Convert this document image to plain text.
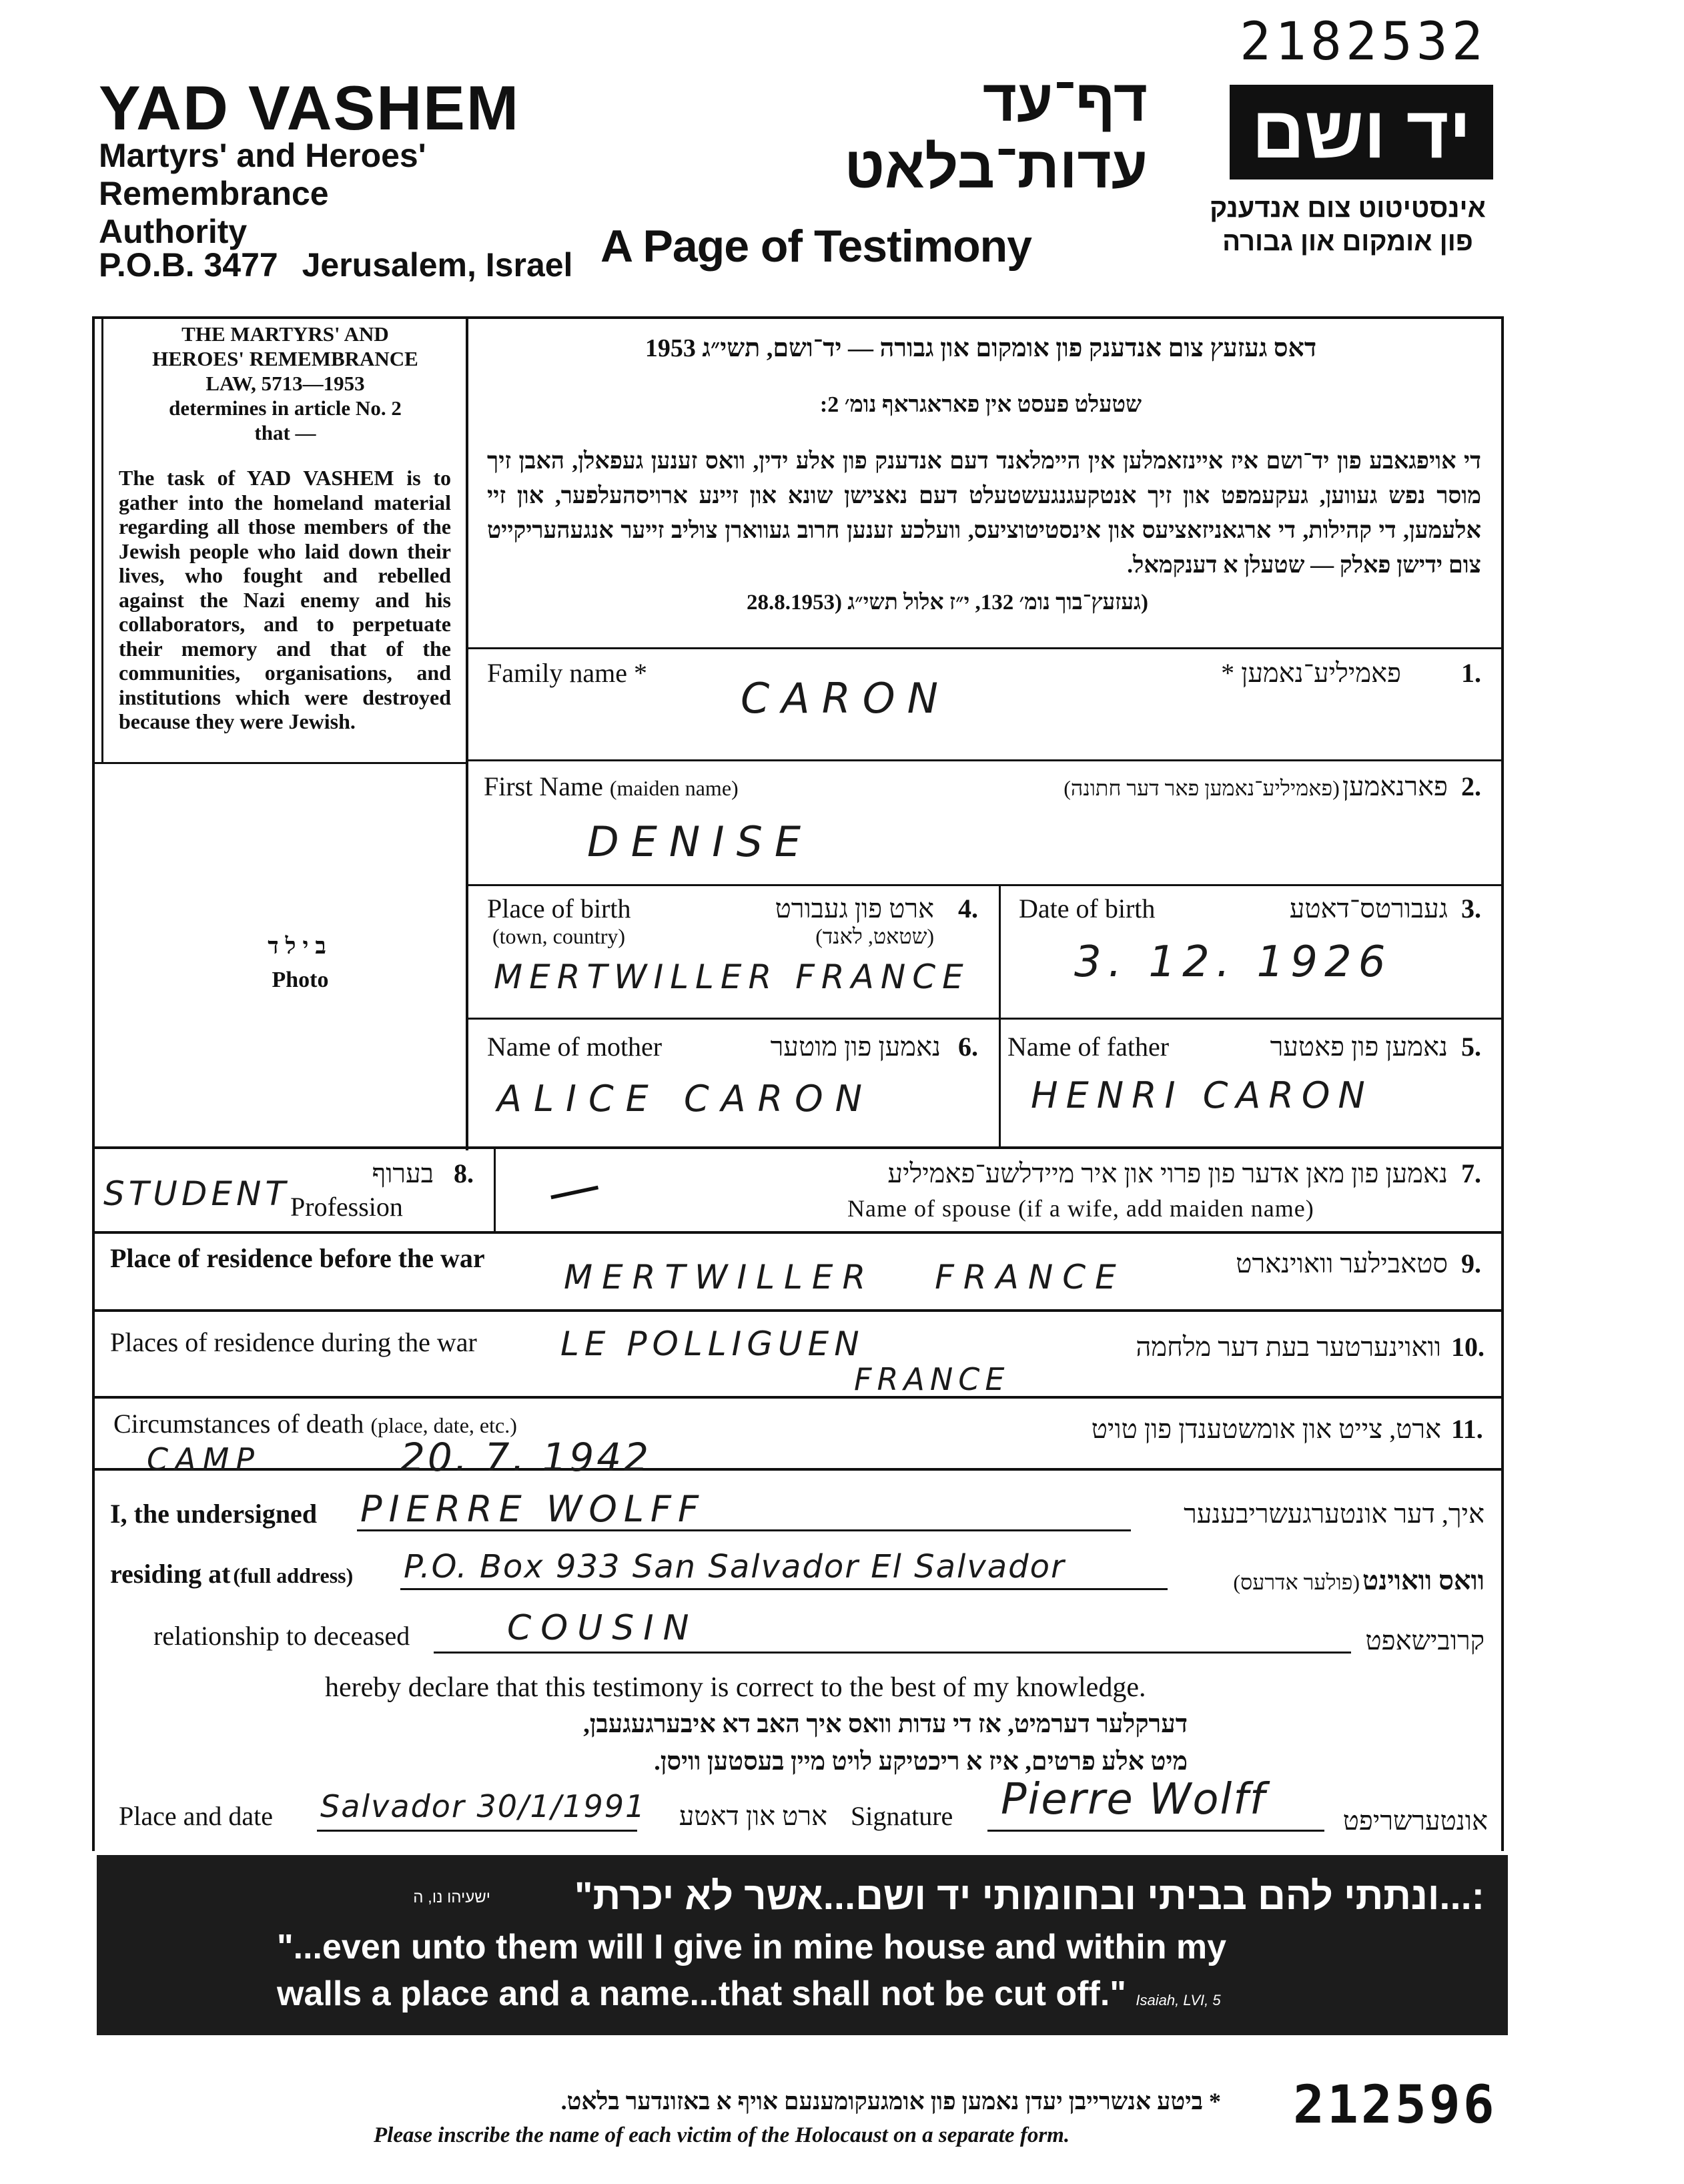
2182532
YAD VASHEM
Martyrs' and Heroes'
Remembrance
Authority
P.O.B. 3477 Jerusalem, Israel
דף־עד
עדות־בלאט
A Page of Testimony
יד ושם
אינסטיטוט צום אנדענק
פון אומקום און גבורה
THE MARTYRS' AND
HEROES' REMEMBRANCE
LAW, 5713—1953
determines in article No. 2
that —
The task of YAD VASHEM is to gather into the homeland material regarding all those members of the Jewish people who laid down their lives, who fought and rebelled against the Nazi enemy and his collaborators, and to perpetuate their memory and that of the communities, organisations, and institutions which were destroyed because they were Jewish.
דאס געזעץ צום אנדענק פון אומקום און גבורה — יד־ושם, תשי״ג 1953
שטעלט פעסט אין פאראגראף נומ׳ 2:
די אויפגאבע פון יד־ושם איז איינזאמלען אין היימלאנד דעם אנדענק פון אלע ידין, וואס זענען געפאלן, האבן זיך מוסר נפש געווען, געקעמפט און זיך אנטקעגנגעשטעלט דעם נאצישן שונא און זיינע ארויסהעלפער, און זיי אלעמען, די קהילות, די ארגאניזאציעס און אינסטיטוציעס, וועלכע זענען חרוב געווארן צוליב זייער אנגעהעריקייט צום ידישן פאלק — שטעלן א דענקמאל.
(געזעץ־בוך נומ׳ 132, י״ז אלול תשי״ג (28.8.1953
בילד
Photo
Family name *	פאמיליע־נאמען * 1.
CARON
First Name (maiden name)	פארנאמען (פאמיליע־נאמען פאר דער חתונה)	2.
DENISE
Place of birth
(town, country)
ארט פון געבורט
(שטאט, לאנד)
4.
MERTWILLER FRANCE
Date of birth	געבורטס־דאטע 3.
3. 12. 1926
Name of mother	נאמען פון מוטער 6.
ALICE CARON
Name of father	נאמען פון פאטער 5.
HENRI CARON
בערוף 8.
Profession
STUDENT
נאמען פון מאן אדער פון פרוי און איר מיידלשע־פאמיליע 7.
Name of spouse (if a wife, add maiden name)
—
Place of residence before the war	סטאבילער וואוינארט 9.
MERTWILLER FRANCE
Places of residence during the war	וואוינערטער בעת דער מלחמה 10.
LE POLLIGUEN
FRANCE
Circumstances of death (place, date, etc.)	ארט, צייט און אומשטענדן פון טויט 11.
CAMP	20. 7. 1942
I, the undersigned PIERRE WOLFF	איך, דער אונטערגעשריבענער
residing at (full address) P.O. Box 933 San Salvador El Salvador	וואס וואוינט (פולער אדרעס)
relationship to deceased	COUSIN	קרובישאפט
hereby declare that this testimony is correct to the best of my knowledge.
דערקלער דערמיט, אז די עדות וואס איך האב דא איבערגעגעבן,
מיט אלע פרטים, איז א ריכטיקע לויט מיין בעסטען וויסן.
Place and date Salvador 30/1/1991	ארט און דאטע Signature Pierre Wolff	אונטערשריפט
:...ונתתי להם בביתי ובחומותי יד ושם...אשר לא יכרת"
ישעיהו נו, ה
"...even unto them will I give in mine house and within my
walls a place and a name...that shall not be cut off." Isaiah, LVI, 5
* ביטע אנשרייבן יעדן נאמען פון אומגעקומענעם אויף א באזונדער בלאט.
Please inscribe the name of each victim of the Holocaust on a separate form.	212596
